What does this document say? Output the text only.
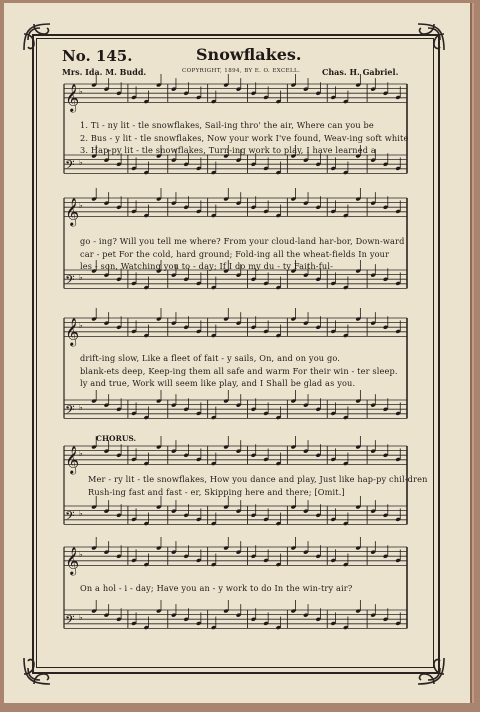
No. 145.	Snowflakes.
Mrs. Ida. M. Budd.	COPYRIGHT, 1894, BY E. O. EXCELL.	Chas. H. Gabriel.
CHORUS.
𝄞 ♭
𝄢 ♭
𝄞 ♭
𝄢 ♭
𝄞 ♭
𝄢 ♭
𝄞 ♭
𝄢 ♭
𝄞 ♭
𝄢 ♭
1. Ti - ny lit - tle snowflakes, Sail-ing thro' the air, Where can you be
2. Bus - y lit - tle snowflakes, Now your work I've found, Weav-ing soft white
3. Hap-py lit - tle snowflakes, Turn-ing work to play, I have learned a
go - ing? Will you tell me where? From your cloud-land har-bor, Down-ward
car - pet For the cold, hard ground; Fold-ing all the wheat-fields In your
les - son, Watching you to - day; If I do my du - ty Faith-ful-
drift-ing slow, Like a fleet of fait - y sails, On, and on you go.
blank-ets deep, Keep-ing them all safe and warm For their win - ter sleep.
ly and true, Work will seem like play, and I Shall be glad as you.
Mer - ry lit - tle snowflakes, How you dance and play, Just like hap-py chil-dren
Rush-ing fast and fast - er, Skipping here and there; [Omit.]
On a hol - i - day; Have you an - y work to do In the win-try air?
